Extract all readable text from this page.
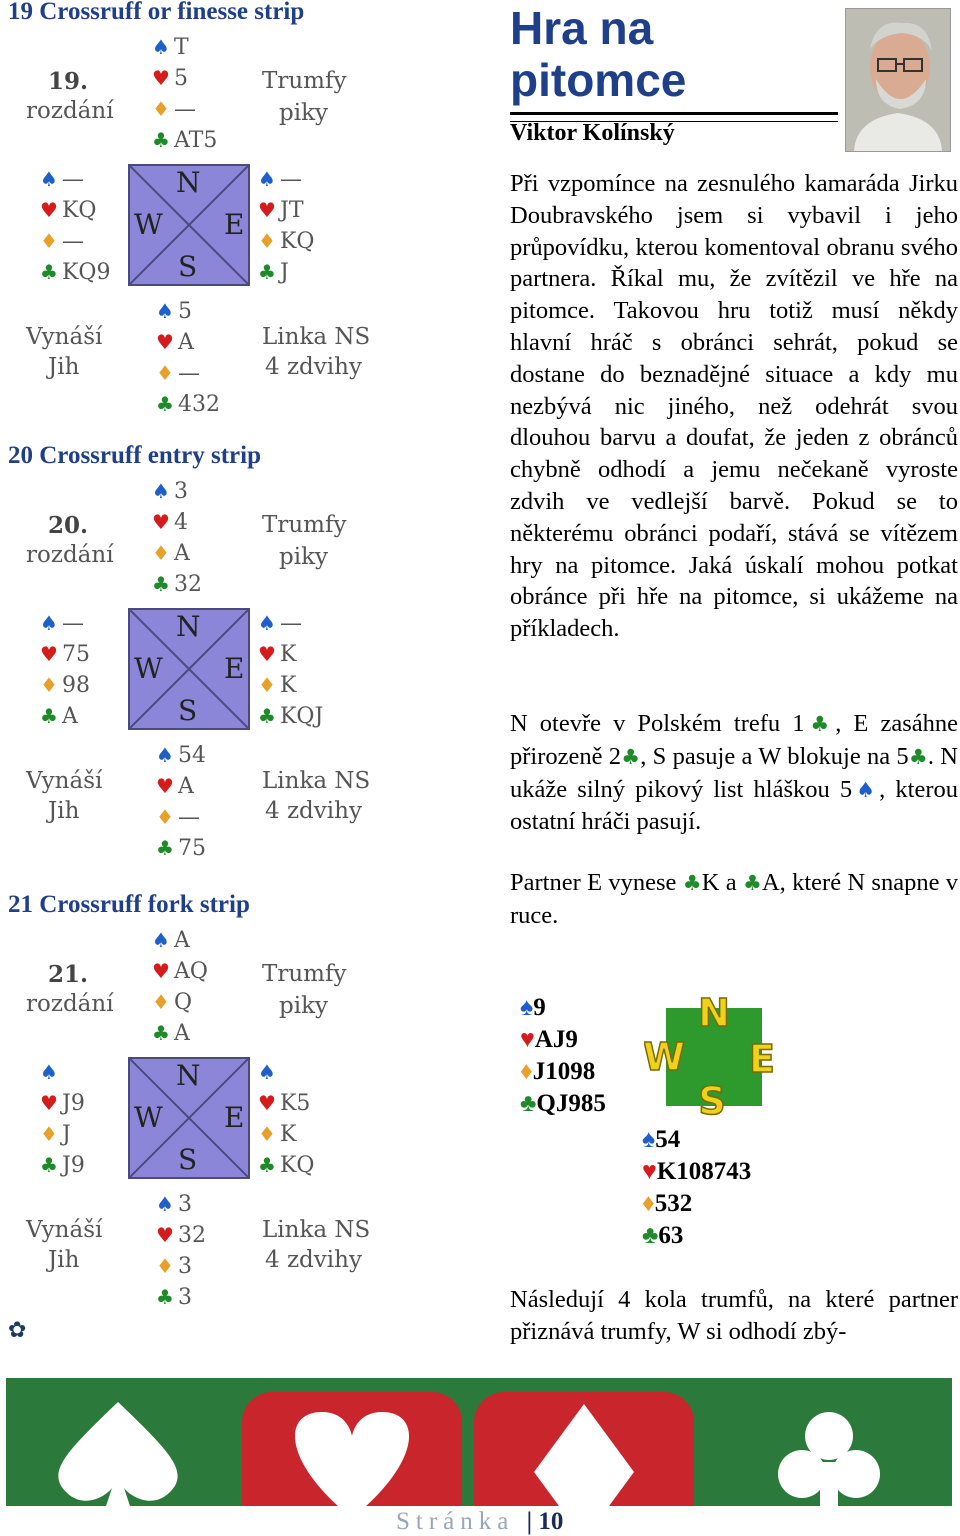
19 Crossruff or finesse strip
19.
rozdání
Trumfy
piky
♠ T
♥ 5
♦ —
♣ AT5
♠ —
♥ KQ
♦ —
♣ KQ9
♠ —
♥ JT
♦ KQ
♣ J
♠ 5
♥ A
♦ —
♣ 432
N
W E
S
Vynáší
Jih
Linka NS
4 zdvihy
20 Crossruff entry strip
20.
rozdání
Trumfy
piky
♠ 3
♥ 4
♦ A
♣ 32
♠ —
♥ 75
♦ 98
♣ A
♠ —
♥ K
♦ K
♣ KQJ
♠ 54
♥ A
♦ —
♣ 75
N
W E
S
Vynáší
Jih
Linka NS
4 zdvihy
21 Crossruff fork strip
21.
rozdání
Trumfy
piky
♠ A
♥ AQ
♦ Q
♣ A
♠
♥ J9
♦ J
♣ J9
♠
♥ K5
♦ K
♣ KQ
♠ 3
♥ 32
♦ 3
♣ 3
N
W E
S
Vynáší
Jih
Linka NS
4 zdvihy
✿
Hra na
pitomce
Viktor Kolínský
Při vzpomínce na zesnulého kamaráda Jirku Doubravského jsem si vybavil i jeho průpovídku, kterou komentoval obranu svého partnera. Říkal mu, že zvítězil ve hře na pitomce. Takovou hru totiž musí někdy hlavní hráč s obránci sehrát, pokud se dostane do beznadějné situace a kdy mu nezbývá nic jiného, než odehrát svou dlouhou barvu a doufat, že jeden z obránců chybně odhodí a jemu nečekaně vyroste zdvih ve vedlejší barvě. Pokud se to některému obránci podaří, stává se vítězem hry na pitomce. Jaká úskalí mohou potkat obránce při hře na pitomce, si ukážeme na příkladech.
N otevře v Polském trefu 1♣, E zasáhne přirozeně 2♣, S pasuje a W blokuje na 5♣. N ukáže silný pikový list hláškou 5♠, kterou ostatní hráči pasují.
Partner E vynese ♣K a ♣A, které N snapne v ruce.
♠9
♥AJ9
♦J1098
♣QJ985
N
W E
S
♠54
♥K108743
♦532
♣63
Následují 4 kola trumfů, na které partner přiznává trumfy, W si odhodí zbý-
Stránka | 10
